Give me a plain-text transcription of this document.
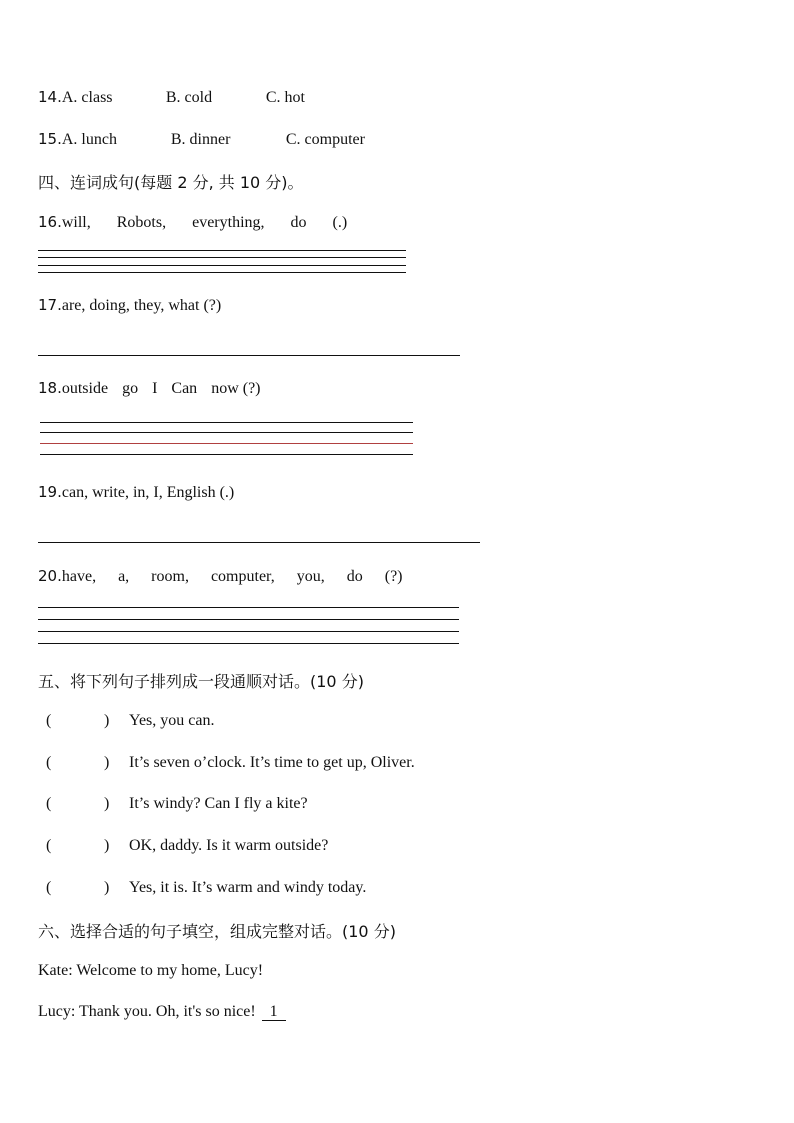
14.A. class	B. cold	C. hot
15.A. lunch	B. dinner	C. computer
四、连词成句(每题 2 分, 共 10 分)。
16.will, Robots, everything, do (.)
17.are, doing, they, what (?)
18.outside go I Can now (?)
19.can, write, in, I, English (.)
20.have, a, room, computer, you, do (?)
五、将下列句子排列成一段通顺对话。(10 分)
(	) Yes, you can.
(	) It’s seven o’clock. It’s time to get up, Oliver.
(	) It’s windy? Can I fly a kite?
(	) OK, daddy. Is it warm outside?
(	) Yes, it is. It’s warm and windy today.
六、选择合适的句子填空，组成完整对话。(10 分)
Kate: Welcome to my home, Lucy!
Lucy: Thank you. Oh, it's so nice! 1
